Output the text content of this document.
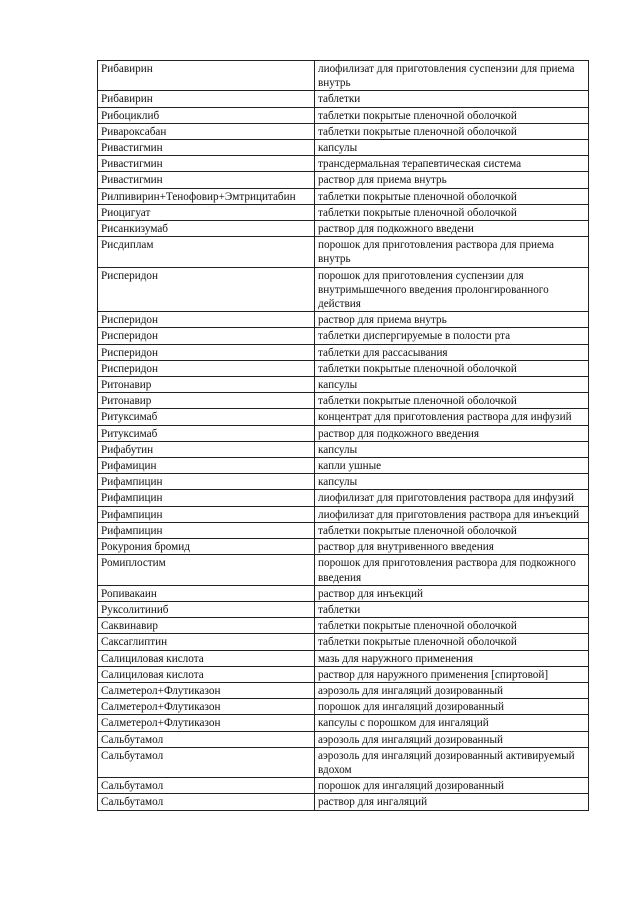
Рибавирин	лиофилизат для приготовления суспензии для приема внутрь
Рибавирин	таблетки
Рибоциклиб	таблетки покрытые пленочной оболочкой
Ривароксабан	таблетки покрытые пленочной оболочкой
Ривастигмин	капсулы
Ривастигмин	трансдермальная терапевтическая система
Ривастигмин	раствор для приема внутрь
Рилпивирин+Тенофовир+Эмтрицитабин	таблетки покрытые пленочной оболочкой
Риоцигуат	таблетки покрытые пленочной оболочкой
Рисанкизумаб	раствор для подкожного введени
Рисдиплам	порошок для приготовления раствора для приема внутрь
Рисперидон	порошок для приготовления суспензии для внутримышечного введения пролонгированного действия
Рисперидон	раствор для приема внутрь
Рисперидон	таблетки диспергируемые в полости рта
Рисперидон	таблетки для рассасывания
Рисперидон	таблетки покрытые пленочной оболочкой
Ритонавир	капсулы
Ритонавир	таблетки покрытые пленочной оболочкой
Ритуксимаб	концентрат для приготовления раствора для инфузий
Ритуксимаб	раствор для подкожного введения
Рифабутин	капсулы
Рифамицин	капли ушные
Рифампицин	капсулы
Рифампицин	лиофилизат для приготовления раствора для инфузий
Рифампицин	лиофилизат для приготовления раствора для инъекций
Рифампицин	таблетки покрытые пленочной оболочкой
Рокурония бромид	раствор для внутривенного введения
Ромиплостим	порошок для приготовления раствора для подкожного введения
Ропивакаин	раствор для инъекций
Руксолитиниб	таблетки
Саквинавир	таблетки покрытые пленочной оболочкой
Саксаглиптин	таблетки покрытые пленочной оболочкой
Салициловая кислота	мазь для наружного применения
Салициловая кислота	раствор для наружного применения [спиртовой]
Салметерол+Флутиказон	аэрозоль для ингаляций дозированный
Салметерол+Флутиказон	порошок для ингаляций дозированный
Салметерол+Флутиказон	капсулы с порошком для ингаляций
Сальбутамол	аэрозоль для ингаляций дозированный
Сальбутамол	аэрозоль для ингаляций дозированный активируемый вдохом
Сальбутамол	порошок для ингаляций дозированный
Сальбутамол	раствор для ингаляций
